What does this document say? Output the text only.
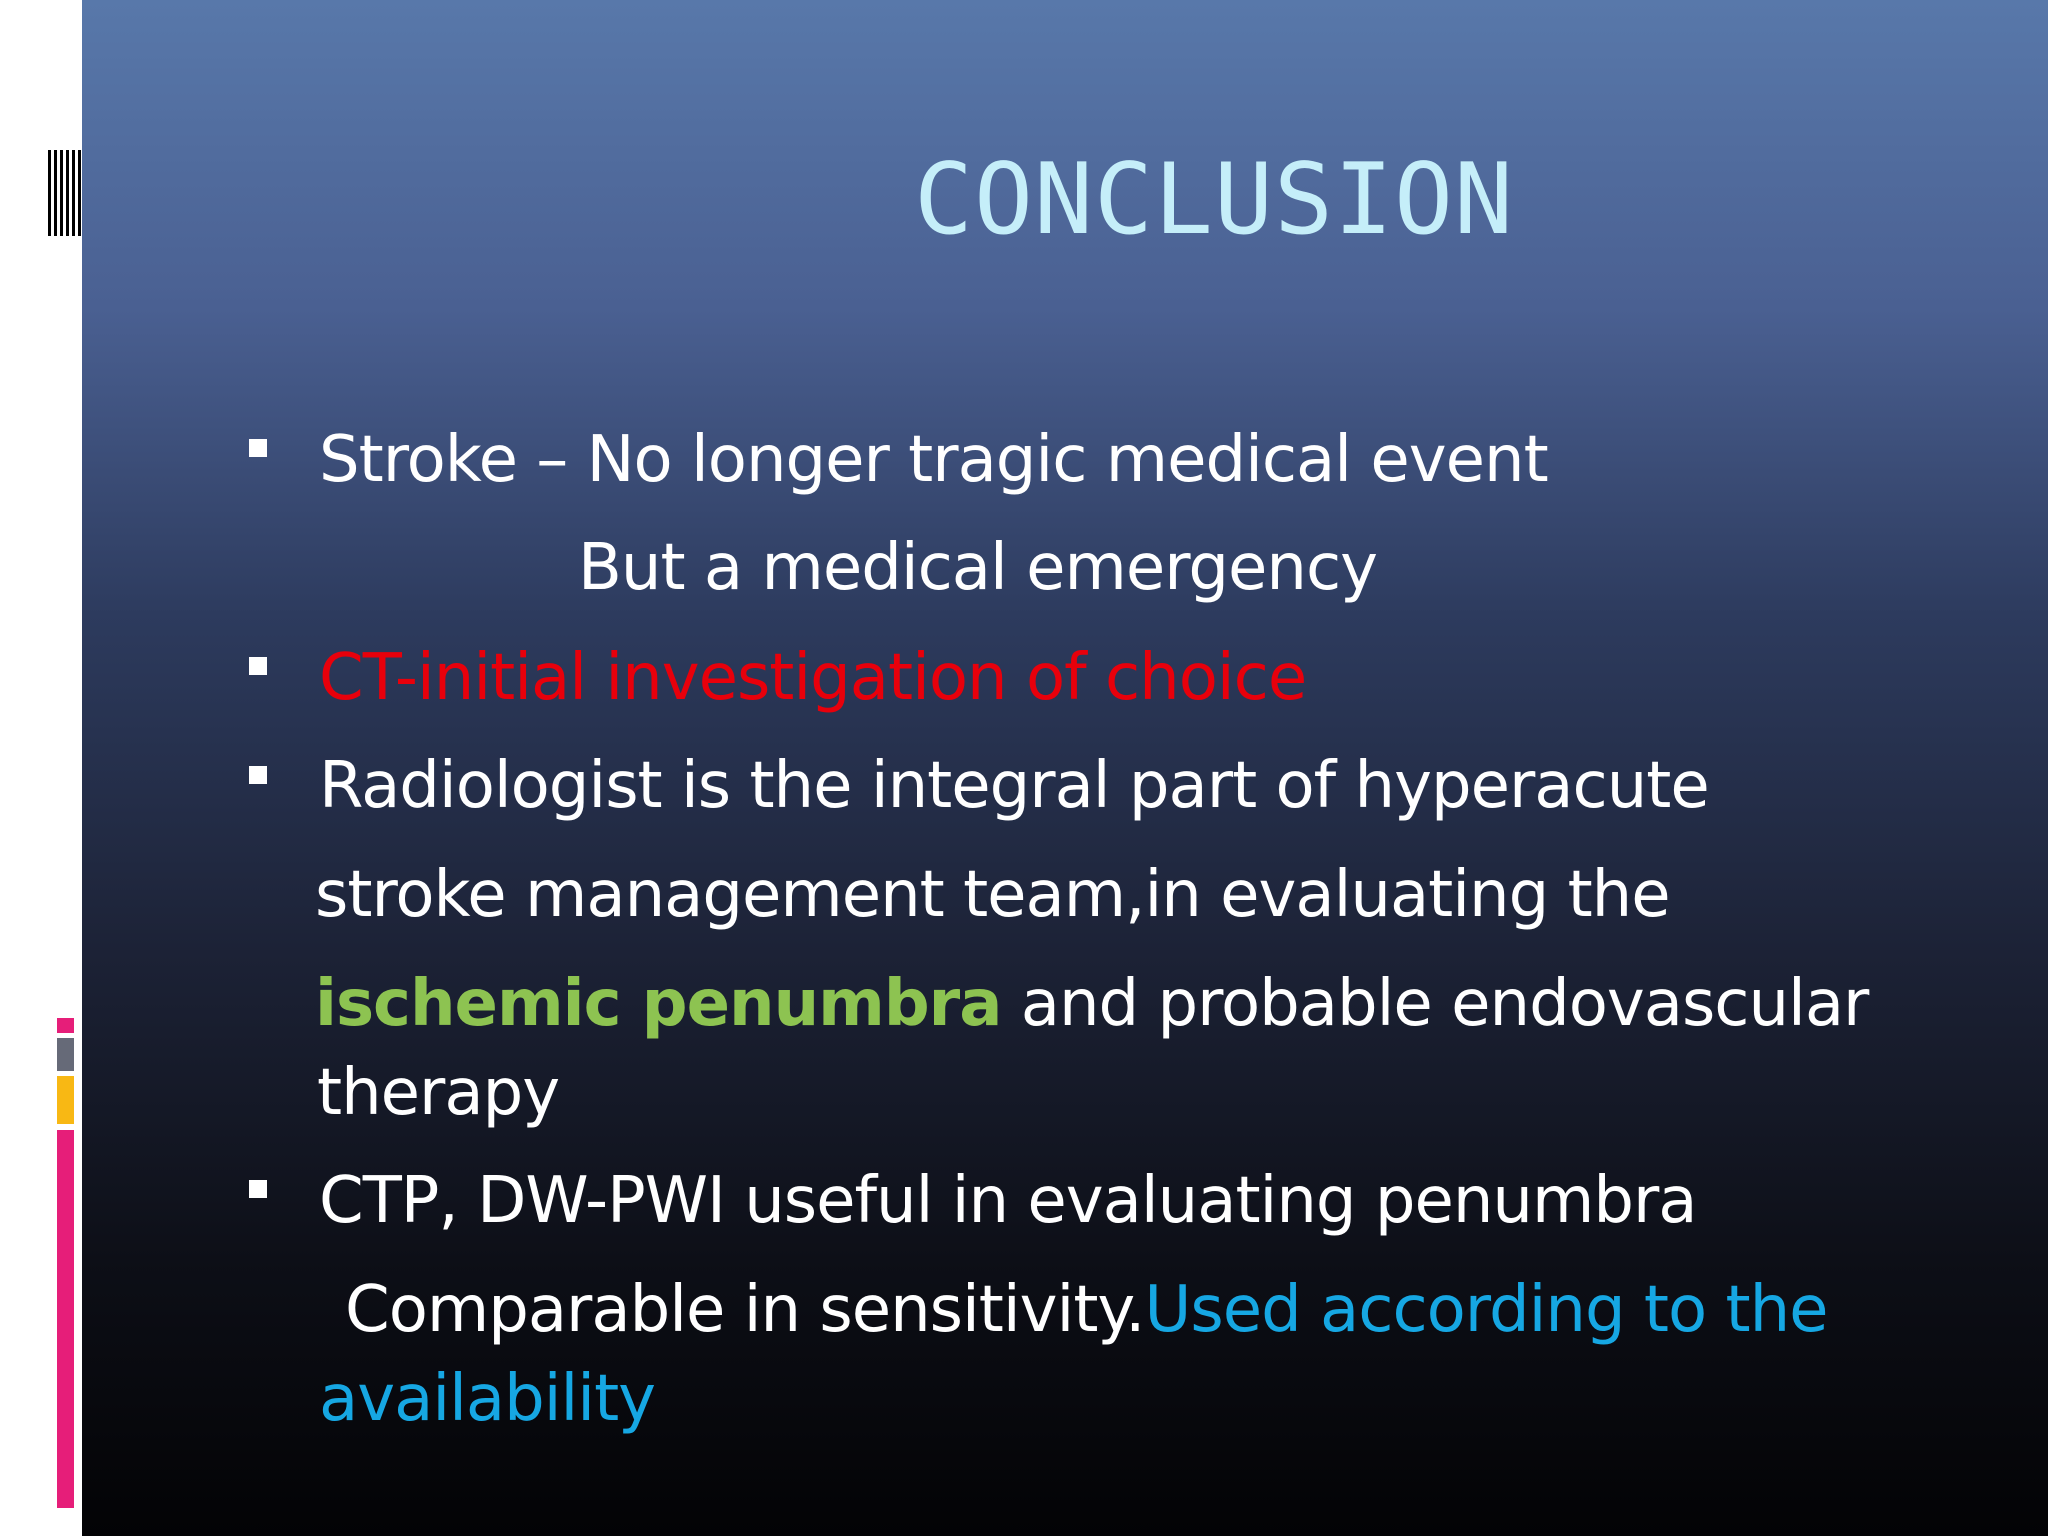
CONCLUSION

Stroke – No longer tragic medical event

But a medical emergency

CT-initial investigation of choice

Radiologist is the integral part of hyperacute

stroke management team,in evaluating the

ischemic penumbra and probable endovascular

therapy

CTP, DW-PWI useful in evaluating penumbra

Comparable in sensitivity.Used according to the

availability
